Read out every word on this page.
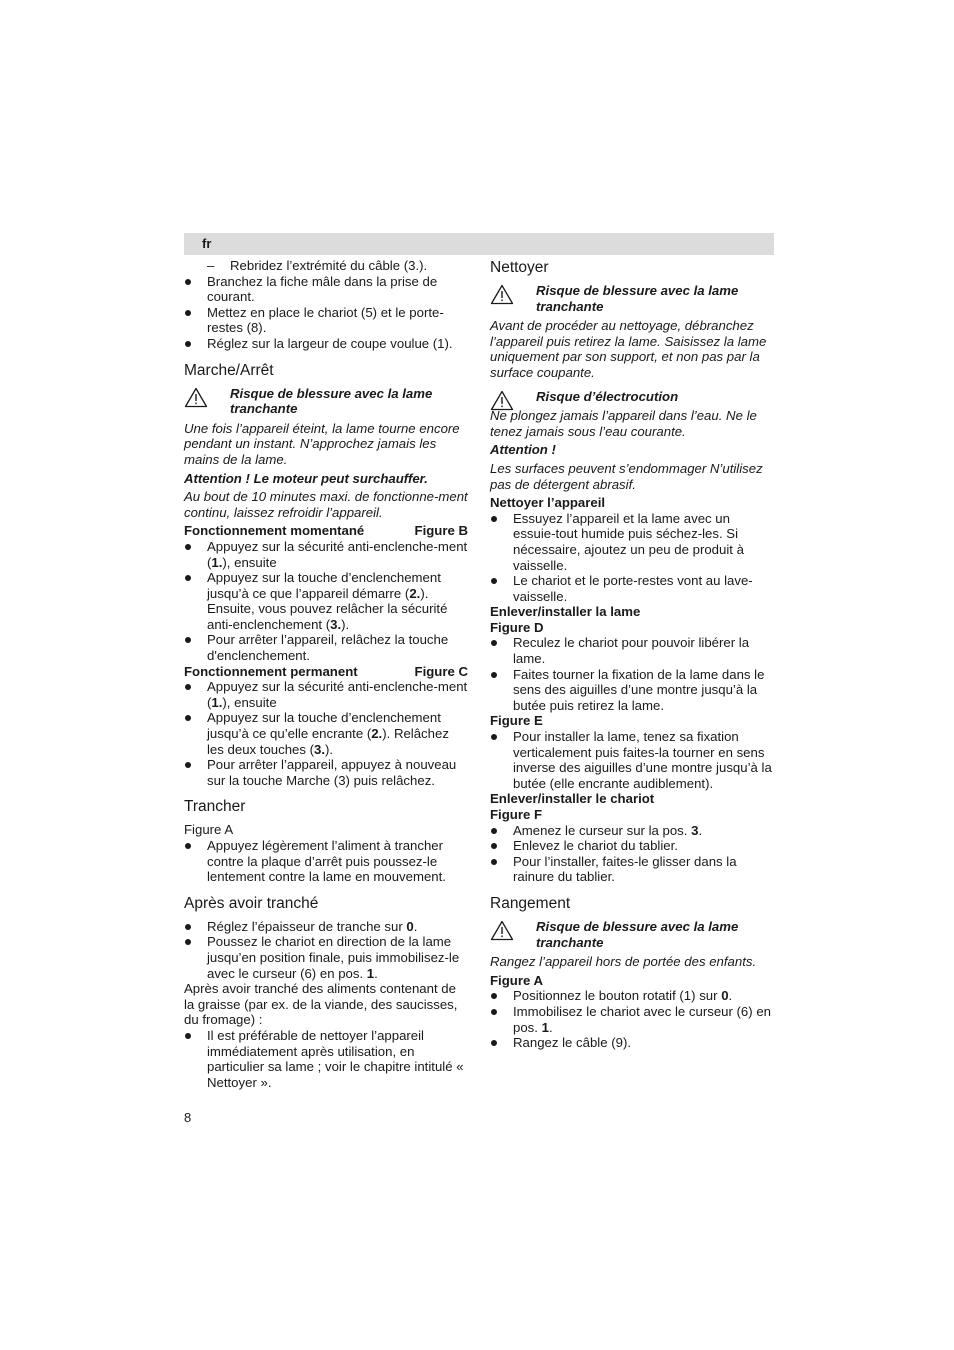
fr
–	Rebridez l’extrémité du câble (3.).
Branchez la fiche mâle dans la prise de courant.
Mettez en place le chariot (5) et le porte-restes (8).
Réglez sur la largeur de coupe voulue (1).
Marche/Arrêt
Risque de blessure avec la lame tranchante

Une fois l’appareil éteint, la lame tourne encore pendant un instant. N’approchez jamais les mains de la lame.

Attention ! Le moteur peut surchauffer.

Au bout de 10 minutes maxi. de fonctionne-ment continu, laissez refroidir l’appareil.

Fonctionnement momentané	Figure B
Appuyez sur la sécurité anti-enclenche-ment (1.), ensuite
Appuyez sur la touche d’enclenchement jusqu’à ce que l’appareil démarre (2.). Ensuite, vous pouvez relâcher la sécurité anti-enclenchement (3.).
Pour arrêter l’appareil, relâchez la touche d'enclenchement.
Fonctionnement permanent	Figure C
Appuyez sur la sécurité anti-enclenche-ment (1.), ensuite
Appuyez sur la touche d’enclenchement jusqu’à ce qu’elle encrante (2.). Relâchez les deux touches (3.).
Pour arrêter l’appareil, appuyez à nouveau sur la touche Marche (3) puis relâchez.
Trancher

Figure A

Appuyez légèrement l’aliment à trancher contre la plaque d’arrêt puis poussez-le lentement contre la lame en mouvement.
Après avoir tranché
Réglez l’épaisseur de tranche sur 0.
Poussez le chariot en direction de la lame jusqu’en position finale, puis immobilisez-le avec le curseur (6) en pos. 1.

Après avoir tranché des aliments contenant de la graisse (par ex. de la viande, des saucisses, du fromage) :

Il est préférable de nettoyer l’appareil immédiatement après utilisation, en particulier sa lame ; voir le chapitre intitulé « Nettoyer ».
Nettoyer
Risque de blessure avec la lame tranchante

Avant de procéder au nettoyage, débranchez l’appareil puis retirez la lame. Saisissez la lame uniquement par son support, et non pas par la surface coupante.

Risque d’électrocution

Ne plongez jamais l’appareil dans l’eau. Ne le tenez jamais sous l’eau courante.

Attention !

Les surfaces peuvent s’endommager N’utilisez pas de détergent abrasif.

Nettoyer l’appareil

Essuyez l’appareil et la lame avec un essuie-tout humide puis séchez-les. Si nécessaire, ajoutez un peu de produit à vaisselle.
Le chariot et le porte-restes vont au lave-vaisselle.

Enlever/installer la lame

Figure D

Reculez le chariot pour pouvoir libérer la lame.
Faites tourner la fixation de la lame dans le sens des aiguilles d’une montre jusqu’à la butée puis retirez la lame.

Figure E

Pour installer la lame, tenez sa fixation verticalement puis faites-la tourner en sens inverse des aiguilles d’une montre jusqu’à la butée (elle encrante audiblement).

Enlever/installer le chariot

Figure F

Amenez le curseur sur la pos. 3.
Enlevez le chariot du tablier.
Pour l’installer, faites-le glisser dans la rainure du tablier.
Rangement
Risque de blessure avec la lame tranchante

Rangez l’appareil hors de portée des enfants.

Figure A

Positionnez le bouton rotatif (1) sur 0.
Immobilisez le chariot avec le curseur (6) en pos. 1.
Rangez le câble (9).
8
